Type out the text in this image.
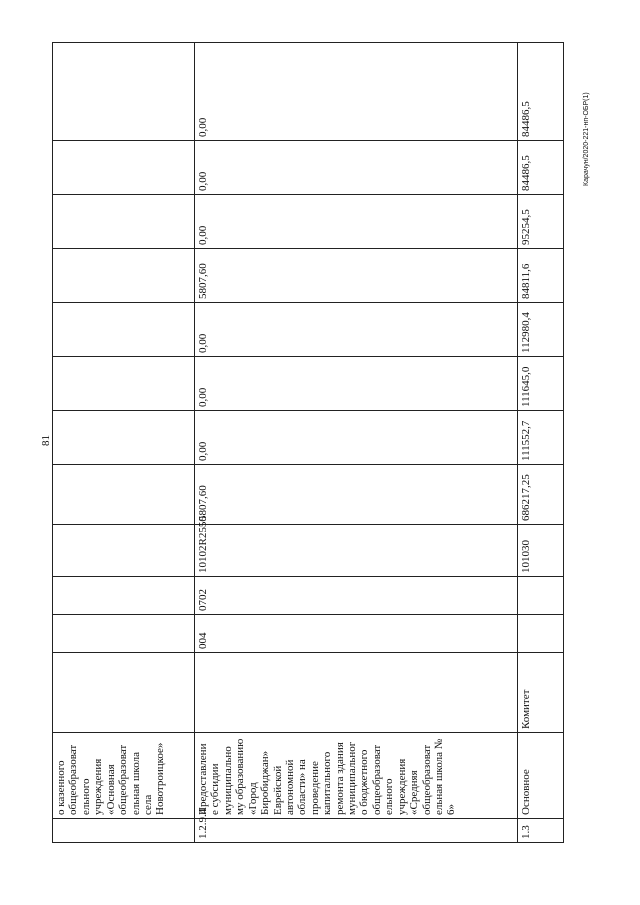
81
Карачун/2020-221-нп-ОБР(1)
	о казенного общеобразоват ельного учреждения «Основная общеобразоват ельная школа села Новотроицкое»												
1.2.9.4	Предоставлени е субсидии муниципально му образованию «Город Биробиджан» Еврейской автономной области» на проведение капитального ремонта здания муниципальног о бюджетного общеобразоват ельного учреждения «Средняя общеобразоват ельная школа № 6»		004	0702	10102R2550	5807,60	0,00	0,00	0,00	5807,60	0,00	0,00	0,00
1.3	Основное	Комитет			101030	686217,25	111552,7	111645,0	112980,4	84811,6	95254,5	84486,5	84486,5
